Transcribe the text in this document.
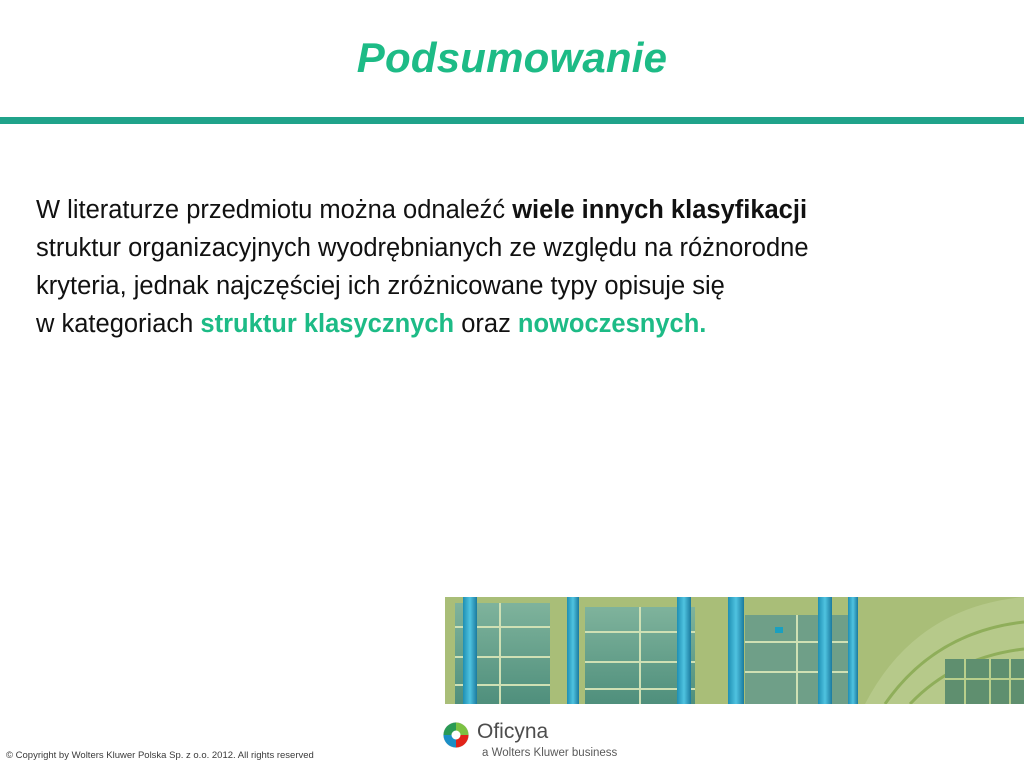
Podsumowanie
W literaturze przedmiotu można odnaleźć wiele innych klasyfikacji
struktur organizacyjnych wyodrębnianych ze względu na różnorodne
kryteria, jednak najczęściej ich zróżnicowane typy opisuje się
w kategoriach struktur klasycznych oraz nowoczesnych.
Oficyna
a Wolters Kluwer business
© Copyright by Wolters Kluwer Polska Sp. z o.o. 2012. All rights reserved
